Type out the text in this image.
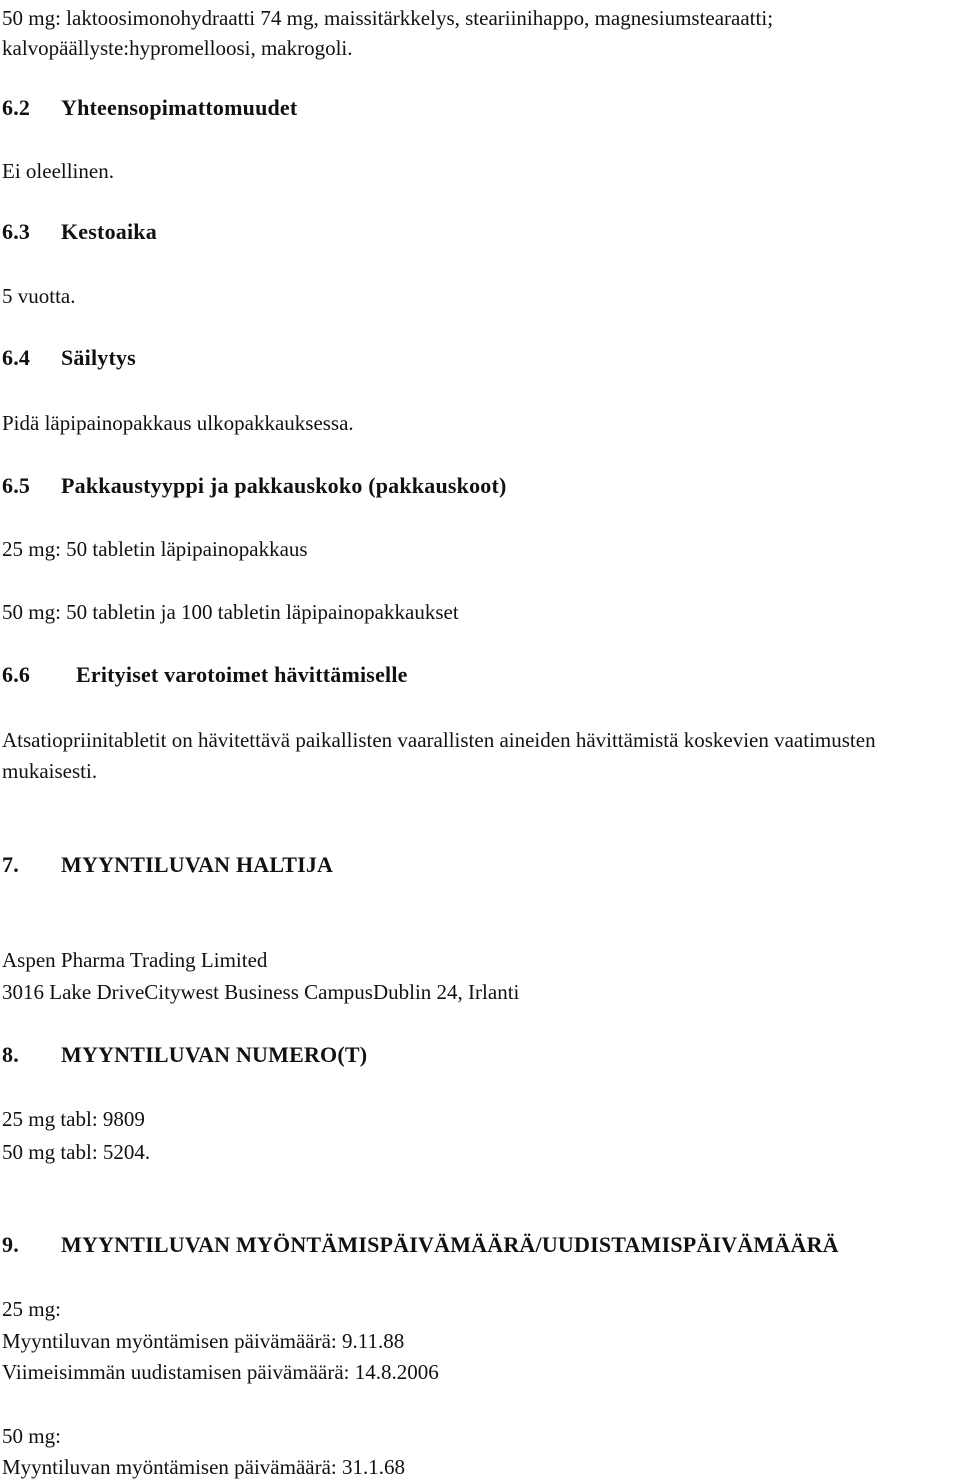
50 mg: laktoosimonohydraatti 74 mg, maissitärkkelys, steariinihappo, magnesiumstearaatti;
kalvopäällyste:hypromelloosi, makrogoli.
6.2 Yhteensopimattomuudet
Ei oleellinen.
6.3 Kestoaika
5 vuotta.
6.4 Säilytys
Pidä läpipainopakkaus ulkopakkauksessa.
6.5 Pakkaustyyppi ja pakkauskoko (pakkauskoot)
25 mg: 50 tabletin läpipainopakkaus
50 mg: 50 tabletin ja 100 tabletin läpipainopakkaukset
6.6 Erityiset varotoimet hävittämiselle
Atsatiopriinitabletit on hävitettävä paikallisten vaarallisten aineiden hävittämistä koskevien vaatimusten
mukaisesti.
7. MYYNTILUVAN HALTIJA
Aspen Pharma Trading Limited
3016 Lake DriveCitywest Business CampusDublin 24, Irlanti
8. MYYNTILUVAN NUMERO(T)
25 mg tabl: 9809
50 mg tabl: 5204.
9. MYYNTILUVAN MYÖNTÄMISPÄIVÄMÄÄRÄ/UUDISTAMISPÄIVÄMÄÄRÄ
25 mg:
Myyntiluvan myöntämisen päivämäärä: 9.11.88
Viimeisimmän uudistamisen päivämäärä: 14.8.2006
50 mg:
Myyntiluvan myöntämisen päivämäärä: 31.1.68
